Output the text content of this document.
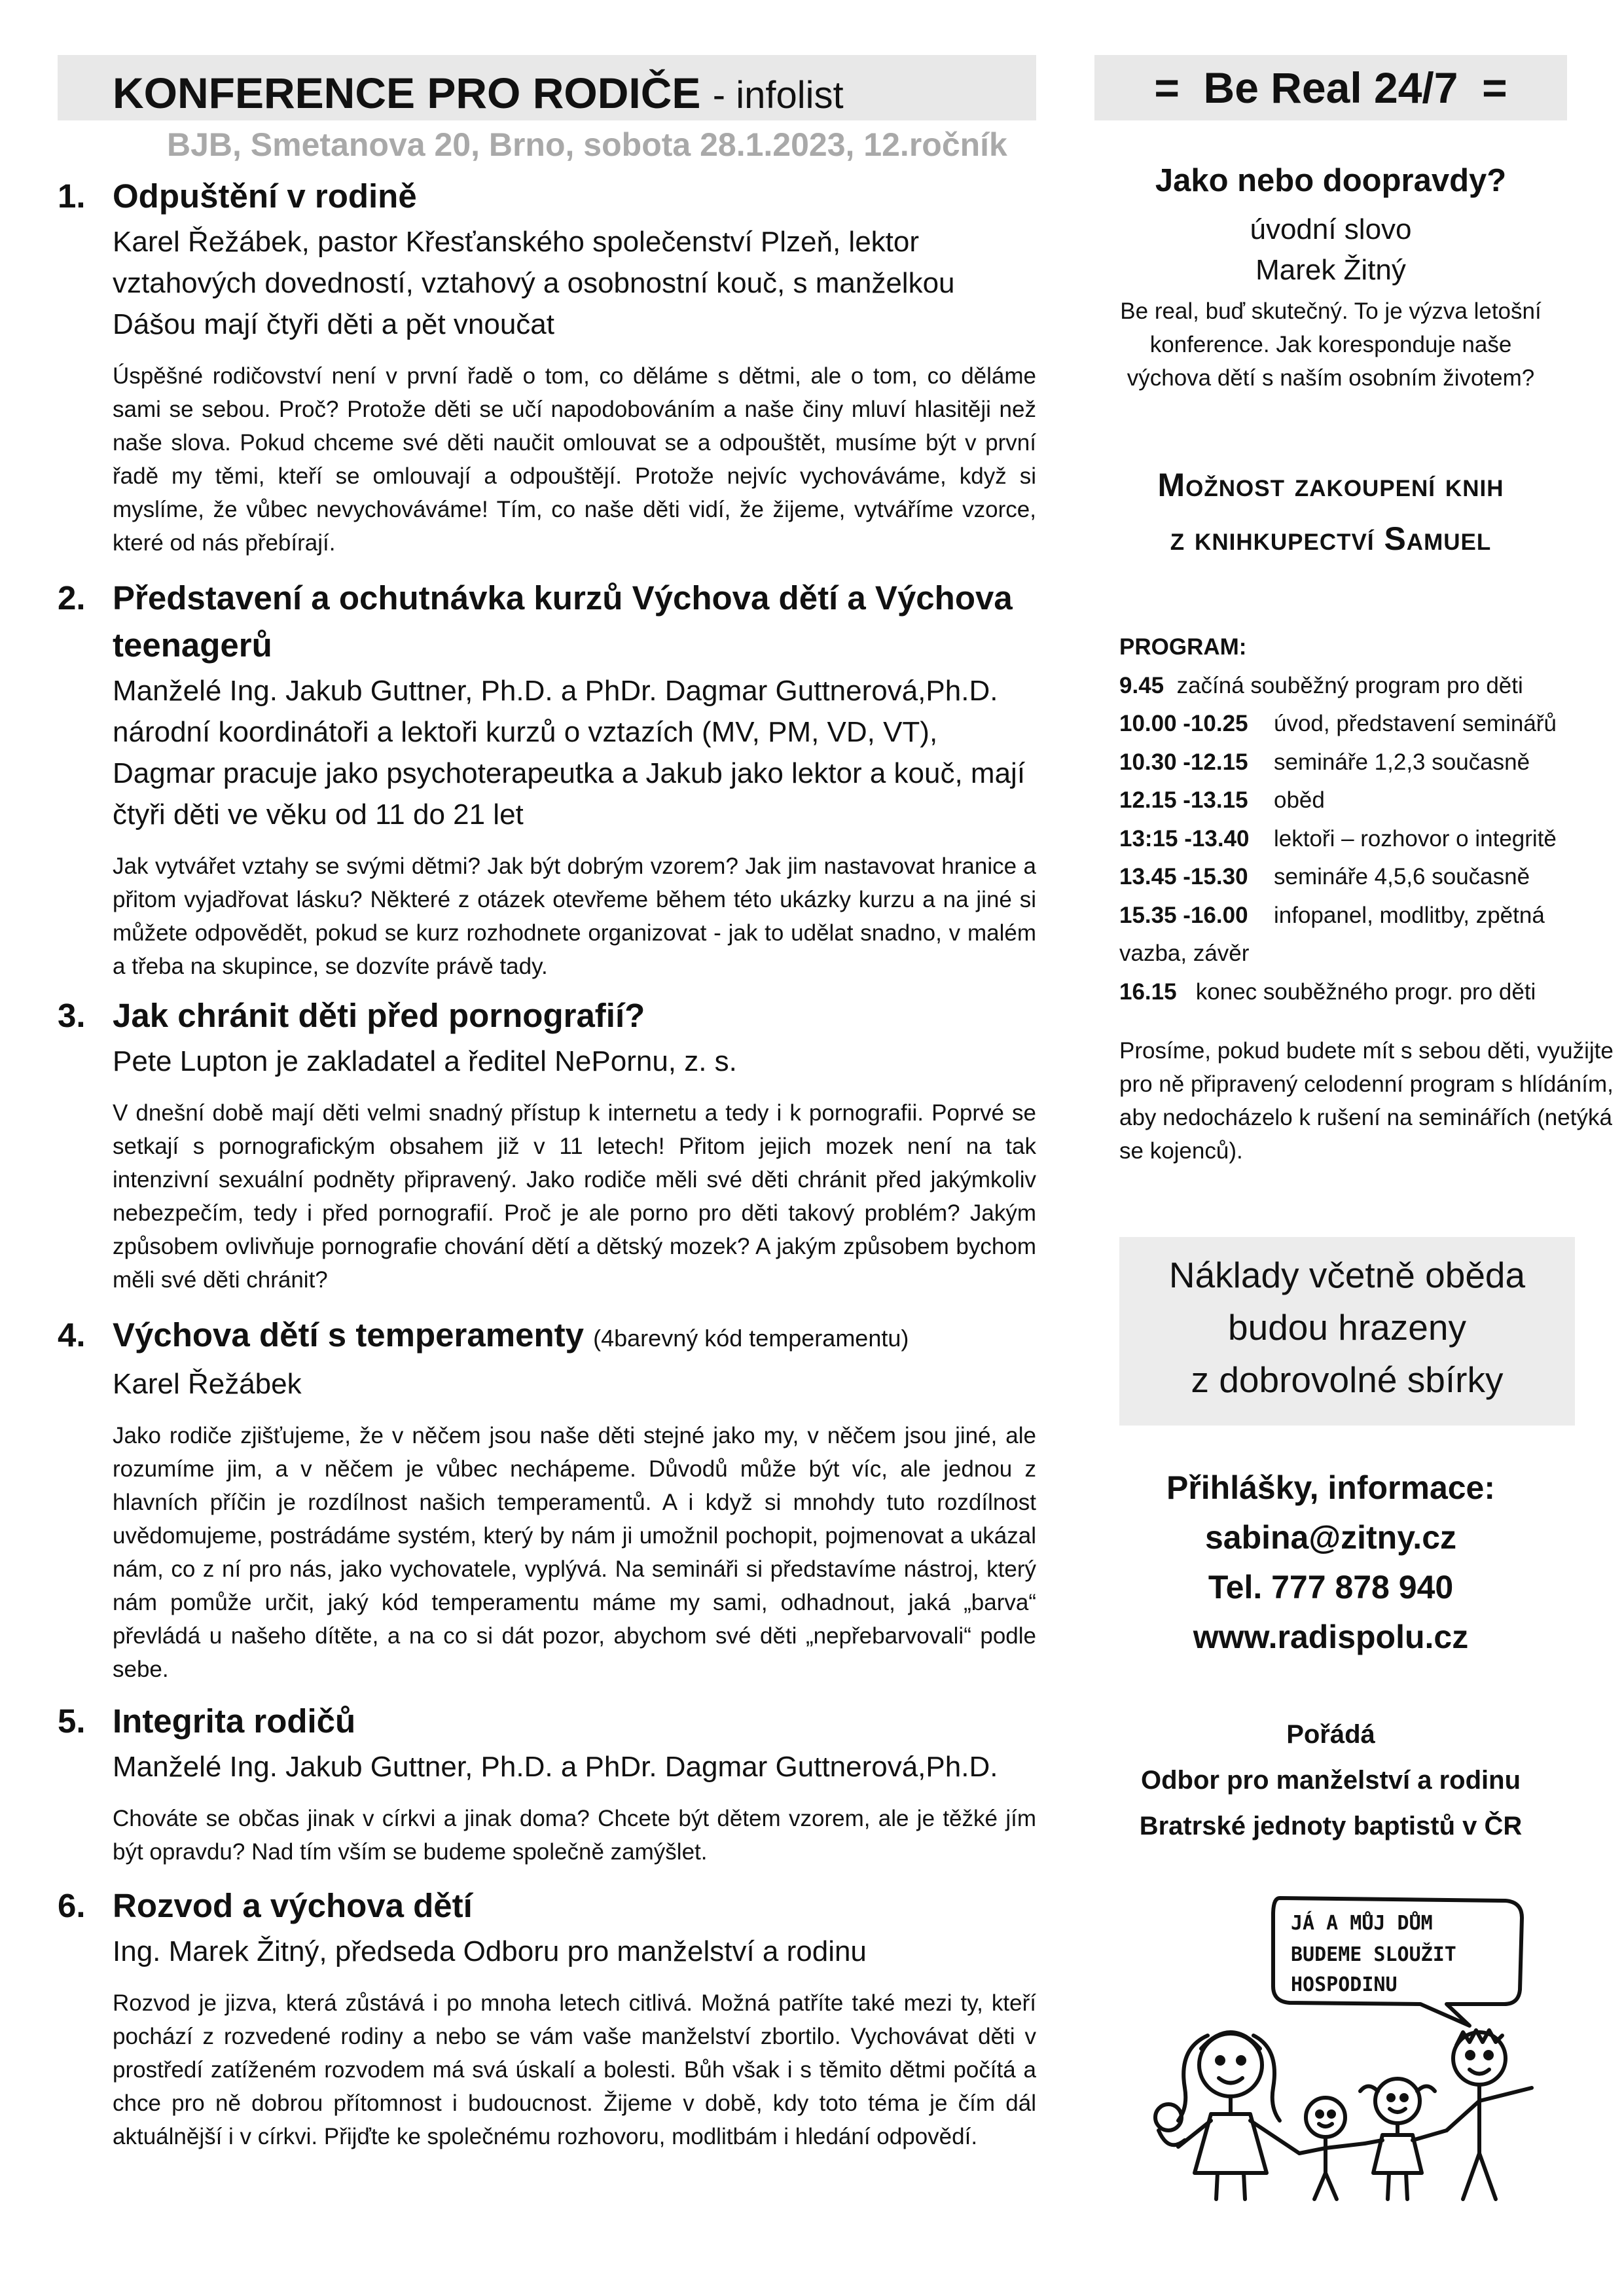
KONFERENCE PRO RODIČE - infolist
BJB, Smetanova 20, Brno, sobota 28.1.2023, 12.ročník
1. Odpuštění v rodině
Karel Řežábek, pastor Křesťanského společenství Plzeň, lektor vztahových dovedností, vztahový a osobnostní kouč, s manželkou Dášou mají čtyři děti a pět vnoučat
Úspěšné rodičovství není v první řadě o tom, co děláme s dětmi, ale o tom, co děláme sami se sebou. Proč? Protože děti se učí napodobováním a naše činy mluví hlasitěji než naše slova. Pokud chceme své děti naučit omlouvat se a odpouštět, musíme být v první řadě my těmi, kteří se omlouvají a odpouštějí. Protože nejvíc vychováváme, když si myslíme, že vůbec nevychováváme! Tím, co naše děti vidí, že žijeme, vytváříme vzorce, které od nás přebírají.
2. Představení a ochutnávka kurzů Výchova dětí a Výchova teenagerů
Manželé Ing. Jakub Guttner, Ph.D. a PhDr. Dagmar Guttnerová,Ph.D. národní koordinátoři a lektoři kurzů o vztazích (MV, PM, VD, VT), Dagmar pracuje jako psychoterapeutka a Jakub jako lektor a kouč, mají čtyři děti ve věku od 11 do 21 let
Jak vytvářet vztahy se svými dětmi? Jak být dobrým vzorem? Jak jim nastavovat hranice a přitom vyjadřovat lásku? Některé z otázek otevřeme během této ukázky kurzu a na jiné si můžete odpovědět, pokud se kurz rozhodnete organizovat - jak to udělat snadno, v malém a třeba na skupince, se dozvíte právě tady.
3. Jak chránit děti před pornografií?
Pete Lupton je zakladatel a ředitel NePornu, z. s.
V dnešní době mají děti velmi snadný přístup k internetu a tedy i k pornografii. Poprvé se setkají s pornografickým obsahem již v 11 letech! Přitom jejich mozek není na tak intenzivní sexuální podněty připravený. Jako rodiče měli své děti chránit před jakýmkoliv nebezpečím, tedy i před pornografií. Proč je ale porno pro děti takový problém? Jakým způsobem ovlivňuje pornografie chování dětí a dětský mozek? A jakým způsobem bychom měli své děti chránit?
4. Výchova dětí s temperamenty (4barevný kód temperamentu)
Karel Řežábek
Jako rodiče zjišťujeme, že v něčem jsou naše děti stejné jako my, v něčem jsou jiné, ale rozumíme jim, a v něčem je vůbec nechápeme. Důvodů může být víc, ale jednou z hlavních příčin je rozdílnost našich temperamentů. A i když si mnohdy tuto rozdílnost uvědomujeme, postrádáme systém, který by nám ji umožnil pochopit, pojmenovat a ukázal nám, co z ní pro nás, jako vychovatele, vyplývá. Na semináři si představíme nástroj, který nám pomůže určit, jaký kód temperamentu máme my sami, odhadnout, jaká „barva“ převládá u našeho dítěte, a na co si dát pozor, abychom své děti „nepřebarvovali“ podle sebe.
5. Integrita rodičů
Manželé Ing. Jakub Guttner, Ph.D. a PhDr. Dagmar Guttnerová,Ph.D.
Chováte se občas jinak v církvi a jinak doma? Chcete být dětem vzorem, ale je těžké jím být opravdu? Nad tím vším se budeme společně zamýšlet.
6. Rozvod a výchova dětí
Ing. Marek Žitný, předseda Odboru pro manželství a rodinu
Rozvod je jizva, která zůstává i po mnoha letech citlivá. Možná patříte také mezi ty, kteří pochází z rozvedené rodiny a nebo se vám vaše manželství zbortilo. Vychovávat děti v prostředí zatíženém rozvodem má svá úskalí a bolesti. Bůh však i s těmito dětmi počítá a chce pro ně dobrou přítomnost i budoucnost. Žijeme v době, kdy toto téma je čím dál aktuálnější i v církvi. Přijďte ke společnému rozhovoru, modlitbám i hledání odpovědí.
=  Be Real 24/7  =
Jako nebo doopravdy?
úvodní slovo
Marek Žitný
Be real, buď skutečný. To je výzva letošní konference. Jak koresponduje naše výchova dětí s naším osobním životem?
Možnost zakoupení knih
z knihkupectví Samuel
PROGRAM:
9.45 začíná souběžný program pro děti
10.00 -10.25 úvod, představení seminářů
10.30 -12.15 semináře 1,2,3 současně
12.15 -13.15 oběd
13:15 -13.40 lektoři – rozhovor o integritě
13.45 -15.30 semináře 4,5,6 současně
15.35 -16.00 infopanel, modlitby, zpětná
vazba, závěr
16.15 konec souběžného progr. pro děti
Prosíme, pokud budete mít s sebou děti, využijte pro ně připravený celodenní program s hlídáním, aby nedocházelo k rušení na seminářích (netýká se kojenců).
Náklady včetně oběda
budou hrazeny
z dobrovolné sbírky
Přihlášky, informace:
sabina@zitny.cz
Tel. 777 878 940
www.radispolu.cz
Pořádá
Odbor pro manželství a rodinu
Bratrské jednoty baptistů v ČR
JÁ A MŮJ DŮM
BUDEME SLOUŽIT
HOSPODINU
